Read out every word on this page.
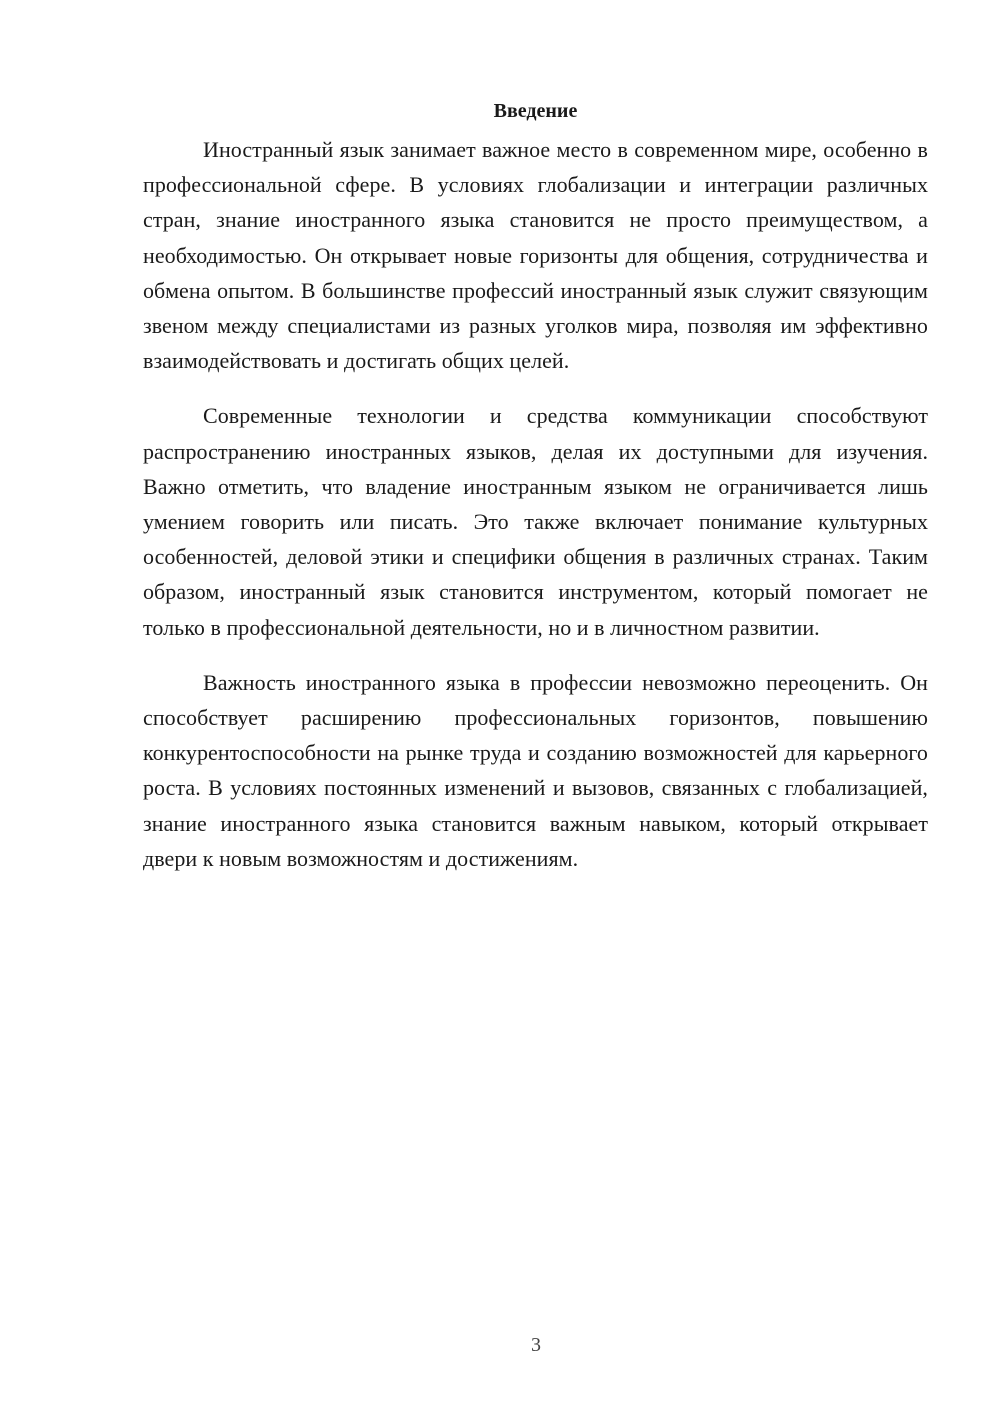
Введение

Иностранный язык занимает важное место в современном мире, особенно в профессиональной сфере. В условиях глобализации и интеграции различных стран, знание иностранного языка становится не просто преимуществом, а необходимостью. Он открывает новые горизонты для общения, сотрудничества и обмена опытом. В большинстве профессий иностранный язык служит связующим звеном между специалистами из разных уголков мира, позволяя им эффективно взаимодействовать и достигать общих целей.

Современные технологии и средства коммуникации способствуют распространению иностранных языков, делая их доступными для изучения. Важно отметить, что владение иностранным языком не ограничивается лишь умением говорить или писать. Это также включает понимание культурных особенностей, деловой этики и специфики общения в различных странах. Таким образом, иностранный язык становится инструментом, который помогает не только в профессиональной деятельности, но и в личностном развитии.

Важность иностранного языка в профессии невозможно переоценить. Он способствует расширению профессиональных горизонтов, повышению конкурентоспособности на рынке труда и созданию возможностей для карьерного роста. В условиях постоянных изменений и вызовов, связанных с глобализацией, знание иностранного языка становится важным навыком, который открывает двери к новым возможностям и достижениям.

3
